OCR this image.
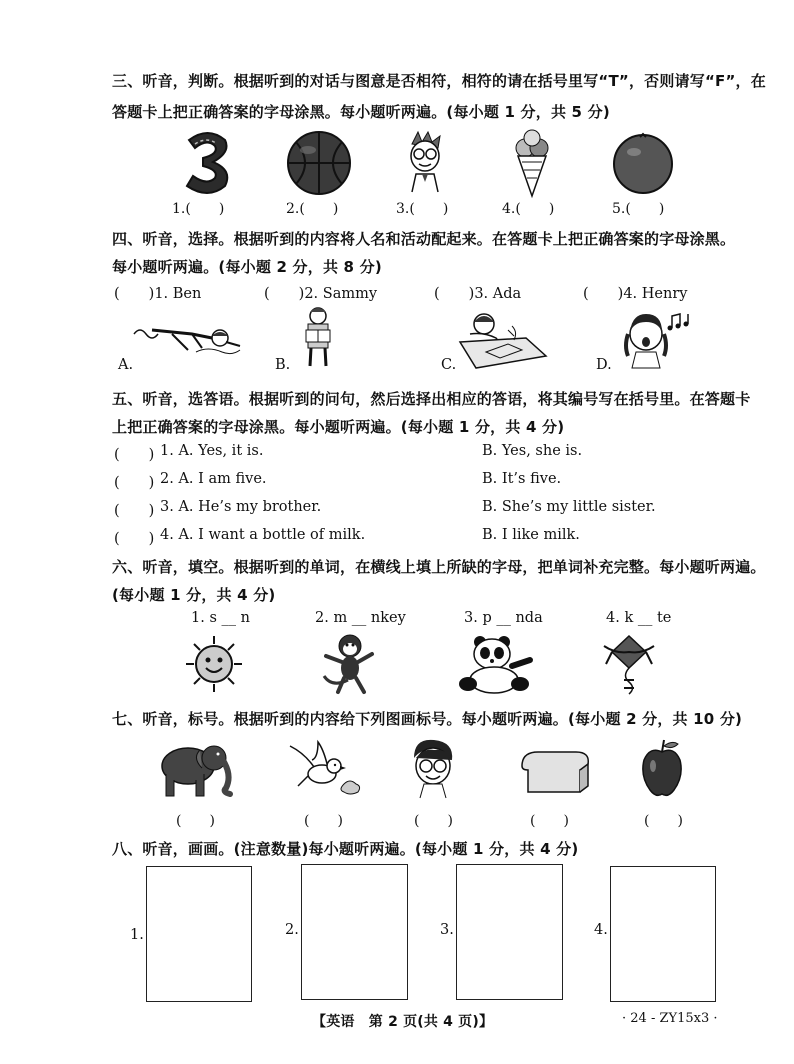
三、听音，判断。根据听到的对话与图意是否相符，相符的请在括号里写“T”，否则请写“F”，在
答题卡上把正确答案的字母涂黑。每小题听两遍。(每小题 1 分，共 5 分)
1.(　　)	2.(　　)	3.(　　)	4.(　　)	5.(　　)
四、听音，选择。根据听到的内容将人名和活动配起来。在答题卡上把正确答案的字母涂黑。
每小题听两遍。(每小题 2 分，共 8 分)
(　　)1. Ben	(　　)2. Sammy	(　　)3. Ada	(　　)4. Henry
A.	B.	C.	D.
五、听音，选答语。根据听到的问句，然后选择出相应的答语，将其编号写在括号里。在答题卡
上把正确答案的字母涂黑。每小题听两遍。(每小题 1 分，共 4 分)
(　　) 1. A. Yes, it is.	B. Yes, she is.
(　　) 2. A. I am five.	B. It’s five.
(　　) 3. A. He’s my brother.	B. She’s my little sister.
(　　) 4. A. I want a bottle of milk.	B. I like milk.
六、听音，填空。根据听到的单词，在横线上填上所缺的字母，把单词补充完整。每小题听两遍。
(每小题 1 分，共 4 分)
1. s __ n	2. m __ nkey	3. p __ nda	4. k __ te
七、听音，标号。根据听到的内容给下列图画标号。每小题听两遍。(每小题 2 分，共 10 分)
(　　)	(　　)	(　　)	(　　)	(　　)
八、听音，画画。(注意数量)每小题听两遍。(每小题 1 分，共 4 分)
1.	2.	3.	4.
【英语　第 2 页(共 4 页)】	· 24 - ZY15x3 ·
